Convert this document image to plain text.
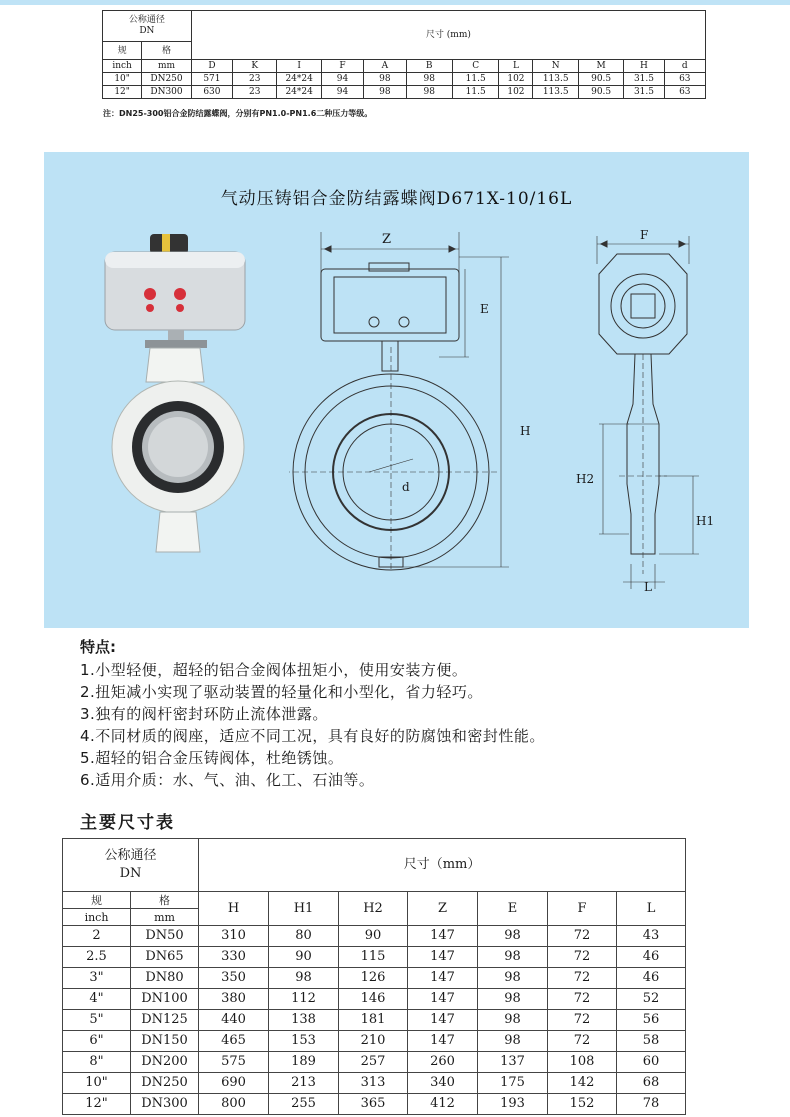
公称通径
DN		尺寸 (mm)											
规	格												
inch	mm	D	K	I	F	A	B	C	L	N	M	H	d
10"	DN250	571	23	24*24	94	98	98	11.5	102	113.5	90.5	31.5	63
12"	DN300	630	23	24*24	94	98	98	11.5	102	113.5	90.5	31.5	63
注：DN25-300铝合金防结露蝶阀，分别有PN1.0-PN1.6二种压力等级。
气动压铸铝合金防结露蝶阀D671X-10/16L
Z
E
H
d
F
H2
H1
L
特点:
1.小型轻便，超轻的铝合金阀体扭矩小，使用安装方便。
2.扭矩减小实现了驱动装置的轻量化和小型化，省力轻巧。
3.独有的阀杆密封环防止流体泄露。
4.不同材质的阀座，适应不同工况，具有良好的防腐蚀和密封性能。
5.超轻的铝合金压铸阀体，杜绝锈蚀。
6.适用介质：水、气、油、化工、石油等。
主要尺寸表
公称通径
DN		尺寸（mm）						
规	格	H	H1	H2	Z	E	F	L
inch	mm							
2	DN50	310	80	90	147	98	72	43
2.5	DN65	330	90	115	147	98	72	46
3"	DN80	350	98	126	147	98	72	46
4"	DN100	380	112	146	147	98	72	52
5"	DN125	440	138	181	147	98	72	56
6"	DN150	465	153	210	147	98	72	58
8"	DN200	575	189	257	260	137	108	60
10"	DN250	690	213	313	340	175	142	68
12"	DN300	800	255	365	412	193	152	78
